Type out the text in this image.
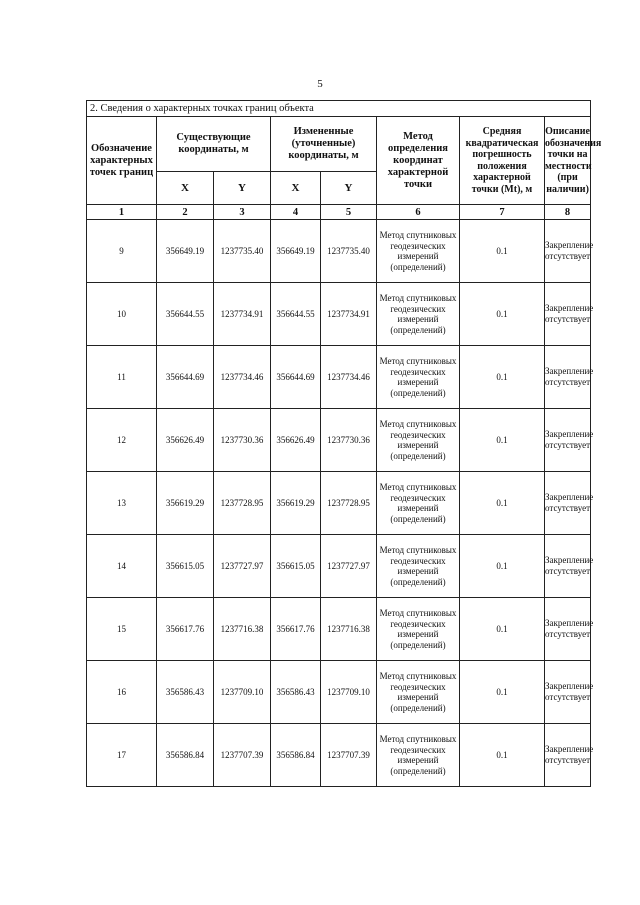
5
2. Сведения о характерных точках границ объекта							
Обозначение характерных точек границ	Существующие координаты, м		Измененные (уточненные) координаты, м		Метод определения координат характерной точки	Средняя квадратическая погрешность положения характерной точки (Mt), м	Описание обозначения точки на местности (при наличии)
	X	Y	X	Y			
1	2	3	4	5	6	7	8
9	356649.19	1237735.40	356649.19	1237735.40	Метод спутниковых геодезических измерений (определений)	0.1	Закрепление отсутствует
10	356644.55	1237734.91	356644.55	1237734.91	Метод спутниковых геодезических измерений (определений)	0.1	Закрепление отсутствует
11	356644.69	1237734.46	356644.69	1237734.46	Метод спутниковых геодезических измерений (определений)	0.1	Закрепление отсутствует
12	356626.49	1237730.36	356626.49	1237730.36	Метод спутниковых геодезических измерений (определений)	0.1	Закрепление отсутствует
13	356619.29	1237728.95	356619.29	1237728.95	Метод спутниковых геодезических измерений (определений)	0.1	Закрепление отсутствует
14	356615.05	1237727.97	356615.05	1237727.97	Метод спутниковых геодезических измерений (определений)	0.1	Закрепление отсутствует
15	356617.76	1237716.38	356617.76	1237716.38	Метод спутниковых геодезических измерений (определений)	0.1	Закрепление отсутствует
16	356586.43	1237709.10	356586.43	1237709.10	Метод спутниковых геодезических измерений (определений)	0.1	Закрепление отсутствует
17	356586.84	1237707.39	356586.84	1237707.39	Метод спутниковых геодезических измерений (определений)	0.1	Закрепление отсутствует
